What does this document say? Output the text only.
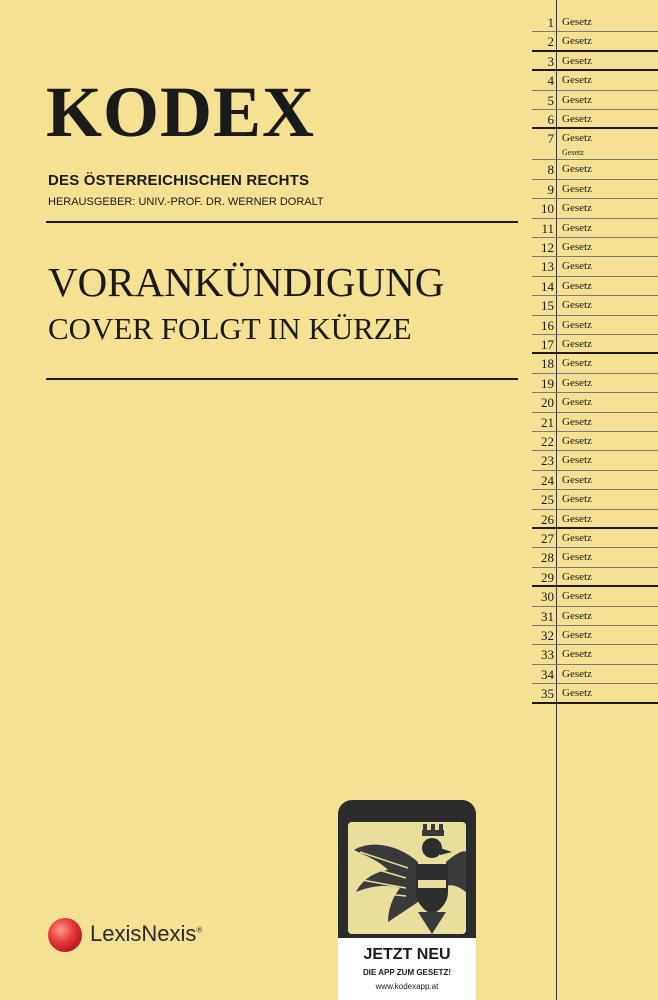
KODEX

DES ÖSTERREICHISCHEN RECHTS

HERAUSGEBER: UNIV.-PROF. DR. WERNER DORALT

VORANKÜNDIGUNG

COVER FOLGT IN KÜRZE

1 Gesetz
2 Gesetz
3 Gesetz
4 Gesetz
5 Gesetz
6 Gesetz
7 Gesetz
Gesetz
8 Gesetz
9 Gesetz
10 Gesetz
11 Gesetz
12 Gesetz
13 Gesetz
14 Gesetz
15 Gesetz
16 Gesetz
17 Gesetz
18 Gesetz
19 Gesetz
20 Gesetz
21 Gesetz
22 Gesetz
23 Gesetz
24 Gesetz
25 Gesetz
26 Gesetz
27 Gesetz
28 Gesetz
29 Gesetz
30 Gesetz
31 Gesetz
32 Gesetz
33 Gesetz
34 Gesetz
35 Gesetz
LexisNexis®
JETZT NEU
DIE APP ZUM GESETZ!
www.kodexapp.at
